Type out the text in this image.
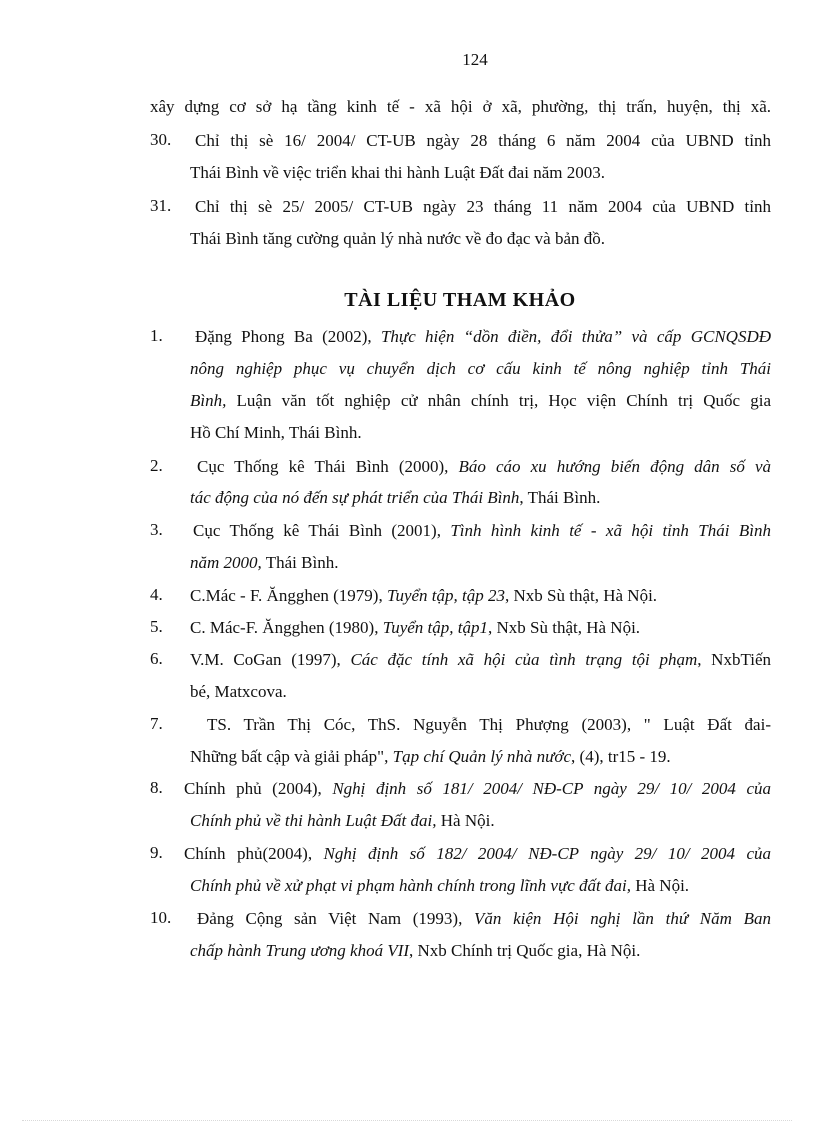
124
xây dựng cơ sở hạ tầng kinh tế - xã hội ở xã, phường, thị trấn, huyện, thị xã.
30. Chỉ thị sè 16/ 2004/ CT-UB ngày 28 tháng 6 năm 2004 của UBND tỉnh
Thái Bình về việc triển khai thi hành Luật Đất đai năm 2003.
31. Chỉ thị sè 25/ 2005/ CT-UB ngày 23 tháng 11 năm 2004 của UBND tỉnh
Thái Bình tăng cường quản lý nhà nước về đo đạc và bản đồ.
TÀI LIỆU THAM KHẢO
1. Đặng Phong Ba (2002), Thực hiện “dồn điền, đổi thửa” và cấp GCNQSDĐ
nông nghiệp phục vụ chuyển dịch cơ cấu kinh tế nông nghiệp tỉnh Thái
Bình, Luận văn tốt nghiệp cử nhân chính trị, Học viện Chính trị Quốc gia
Hồ Chí Minh, Thái Bình.
2. Cục Thống kê Thái Bình (2000), Báo cáo xu hướng biến động dân số và
tác động của nó đến sự phát triển của Thái Bình, Thái Bình.
3. Cục Thống kê Thái Bình (2001), Tình hình kinh tế - xã hội tỉnh Thái Bình
năm 2000, Thái Bình.
4. C.Mác - F. Ăngghen (1979), Tuyển tập, tập 23, Nxb Sù thật, Hà Nội.
5. C. Mác-F. Ăngghen (1980), Tuyển tập, tập1, Nxb Sù thật, Hà Nội.
6. V.M. CoGan (1997), Các đặc tính xã hội của tình trạng tội phạm, NxbTiến
bé, Matxcova.
7.	TS. Trần Thị Cóc, ThS. Nguyễn Thị Phượng (2003), " Luật Đất đai-
Những bất cập và giải pháp", Tạp chí Quản lý nhà nước, (4), tr15 - 19.
8. Chính phủ (2004), Nghị định số 181/ 2004/ NĐ-CP ngày 29/ 10/ 2004 của
Chính phủ về thi hành Luật Đất đai, Hà Nội.
9. Chính phủ(2004), Nghị định số 182/ 2004/ NĐ-CP ngày 29/ 10/ 2004 của
Chính phủ về xử phạt vi phạm hành chính trong lĩnh vực đất đai, Hà Nội.
10. Đảng Cộng sản Việt Nam (1993), Văn kiện Hội nghị lần thứ Năm Ban
chấp hành Trung ương khoá VII, Nxb Chính trị Quốc gia, Hà Nội.
